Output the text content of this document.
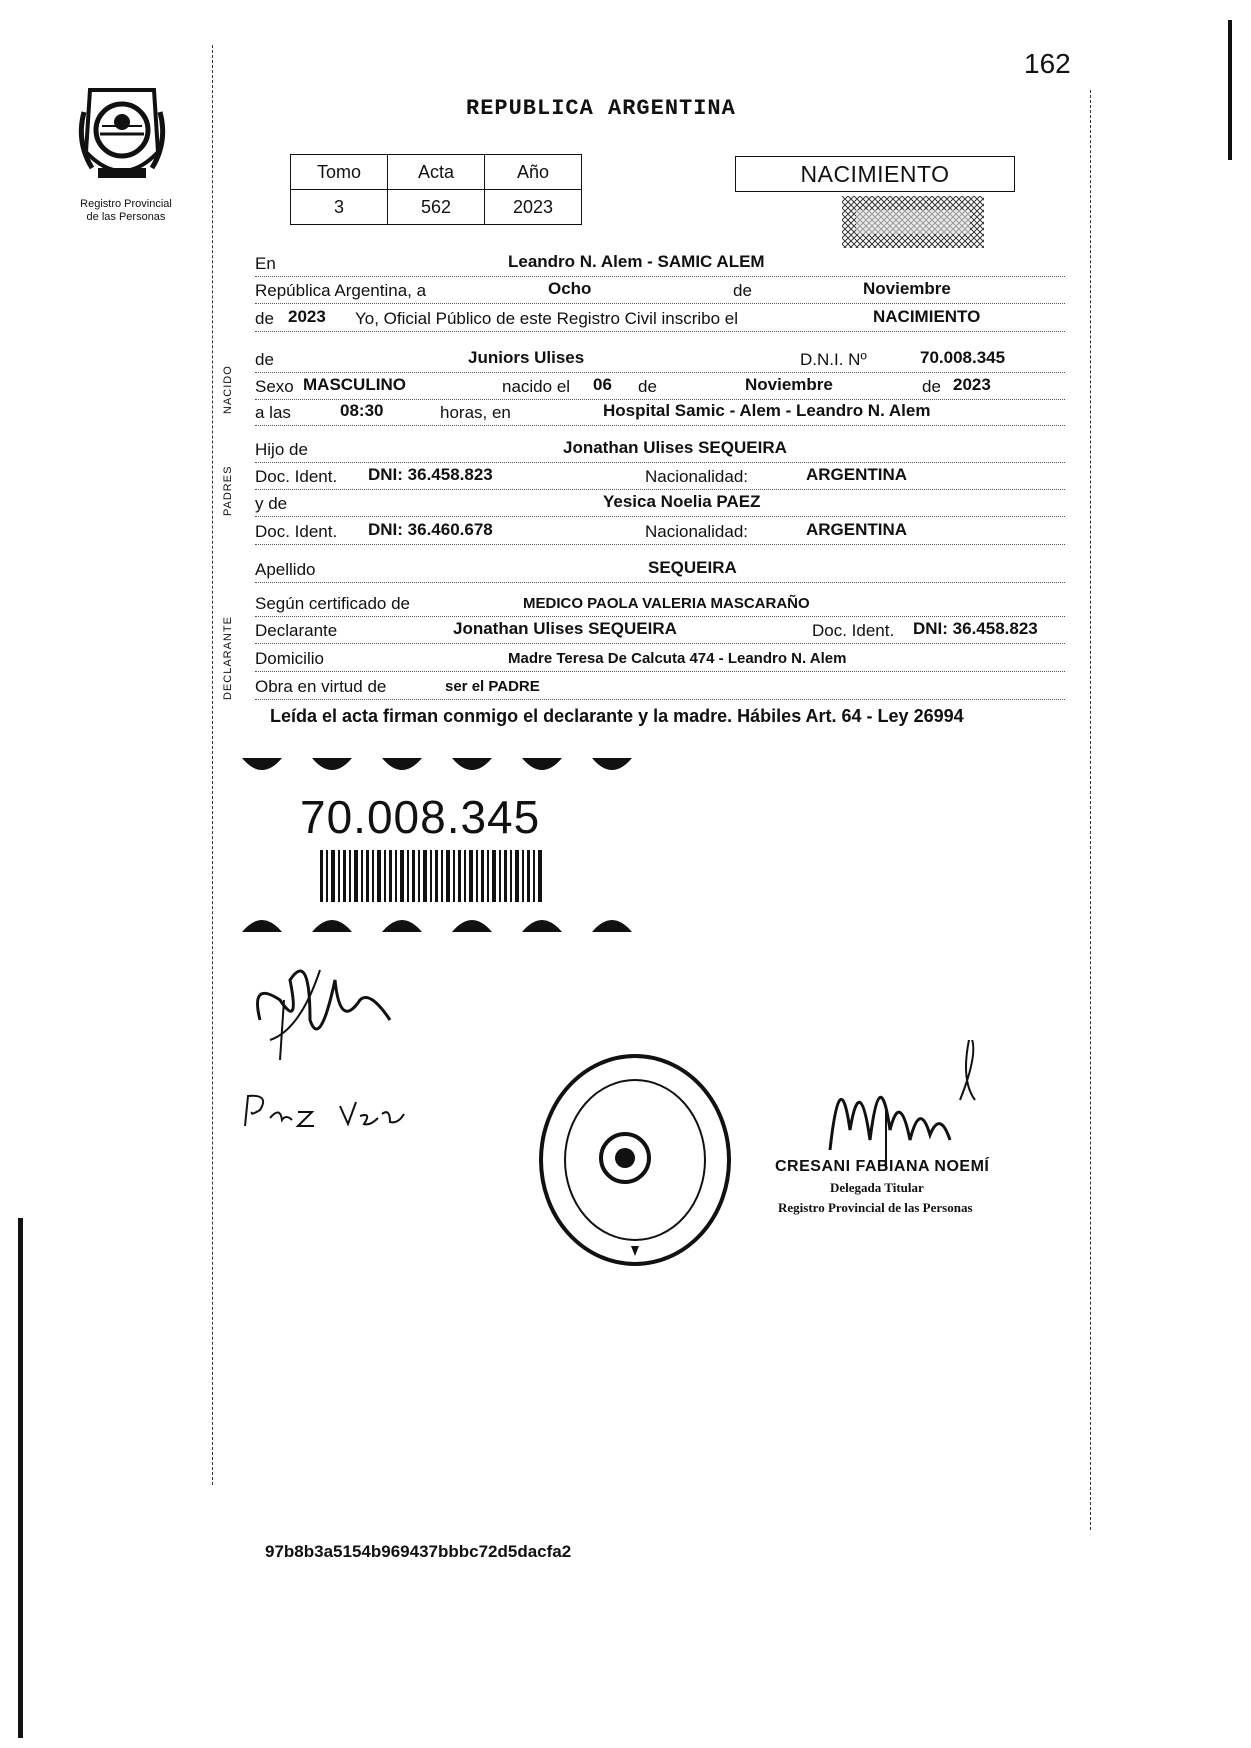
162
Registro Provincial
de las Personas
REPUBLICA ARGENTINA
Tomo	Acta	Año
3	562	2023
NACIMIENTO
En	Leandro N. Alem - SAMIC ALEM
República Argentina, a	Ocho	de	Noviembre
de 2023 Yo, Oficial Público de este Registro Civil inscribo el	NACIMIENTO
NACIDO
de	Juniors Ulises	D.N.I. Nº	70.008.345
Sexo MASCULINO	nacido el 06 de	Noviembre	de 2023
a las	08:30	horas, en	Hospital Samic - Alem - Leandro N. Alem
PADRES
Hijo de	Jonathan Ulises SEQUEIRA
Doc. Ident. DNI: 36.458.823	Nacionalidad:	ARGENTINA
y de	Yesica Noelia PAEZ
Doc. Ident. DNI: 36.460.678	Nacionalidad:	ARGENTINA
Apellido	SEQUEIRA
DECLARANTE
Según certificado de	MEDICO PAOLA VALERIA MASCARAÑO
Declarante	Jonathan Ulises SEQUEIRA	Doc. Ident. DNI: 36.458.823
Domicilio	Madre Teresa De Calcuta 474 - Leandro N. Alem
Obra en virtud de	ser el PADRE
Leída el acta firman conmigo el declarante y la madre. Hábiles Art. 64 - Ley 26994
70.008.345
CRESANI FABIANA NOEMÍ
Delegada Titular
Registro Provincial de las Personas
97b8b3a5154b969437bbbc72d5dacfa2
